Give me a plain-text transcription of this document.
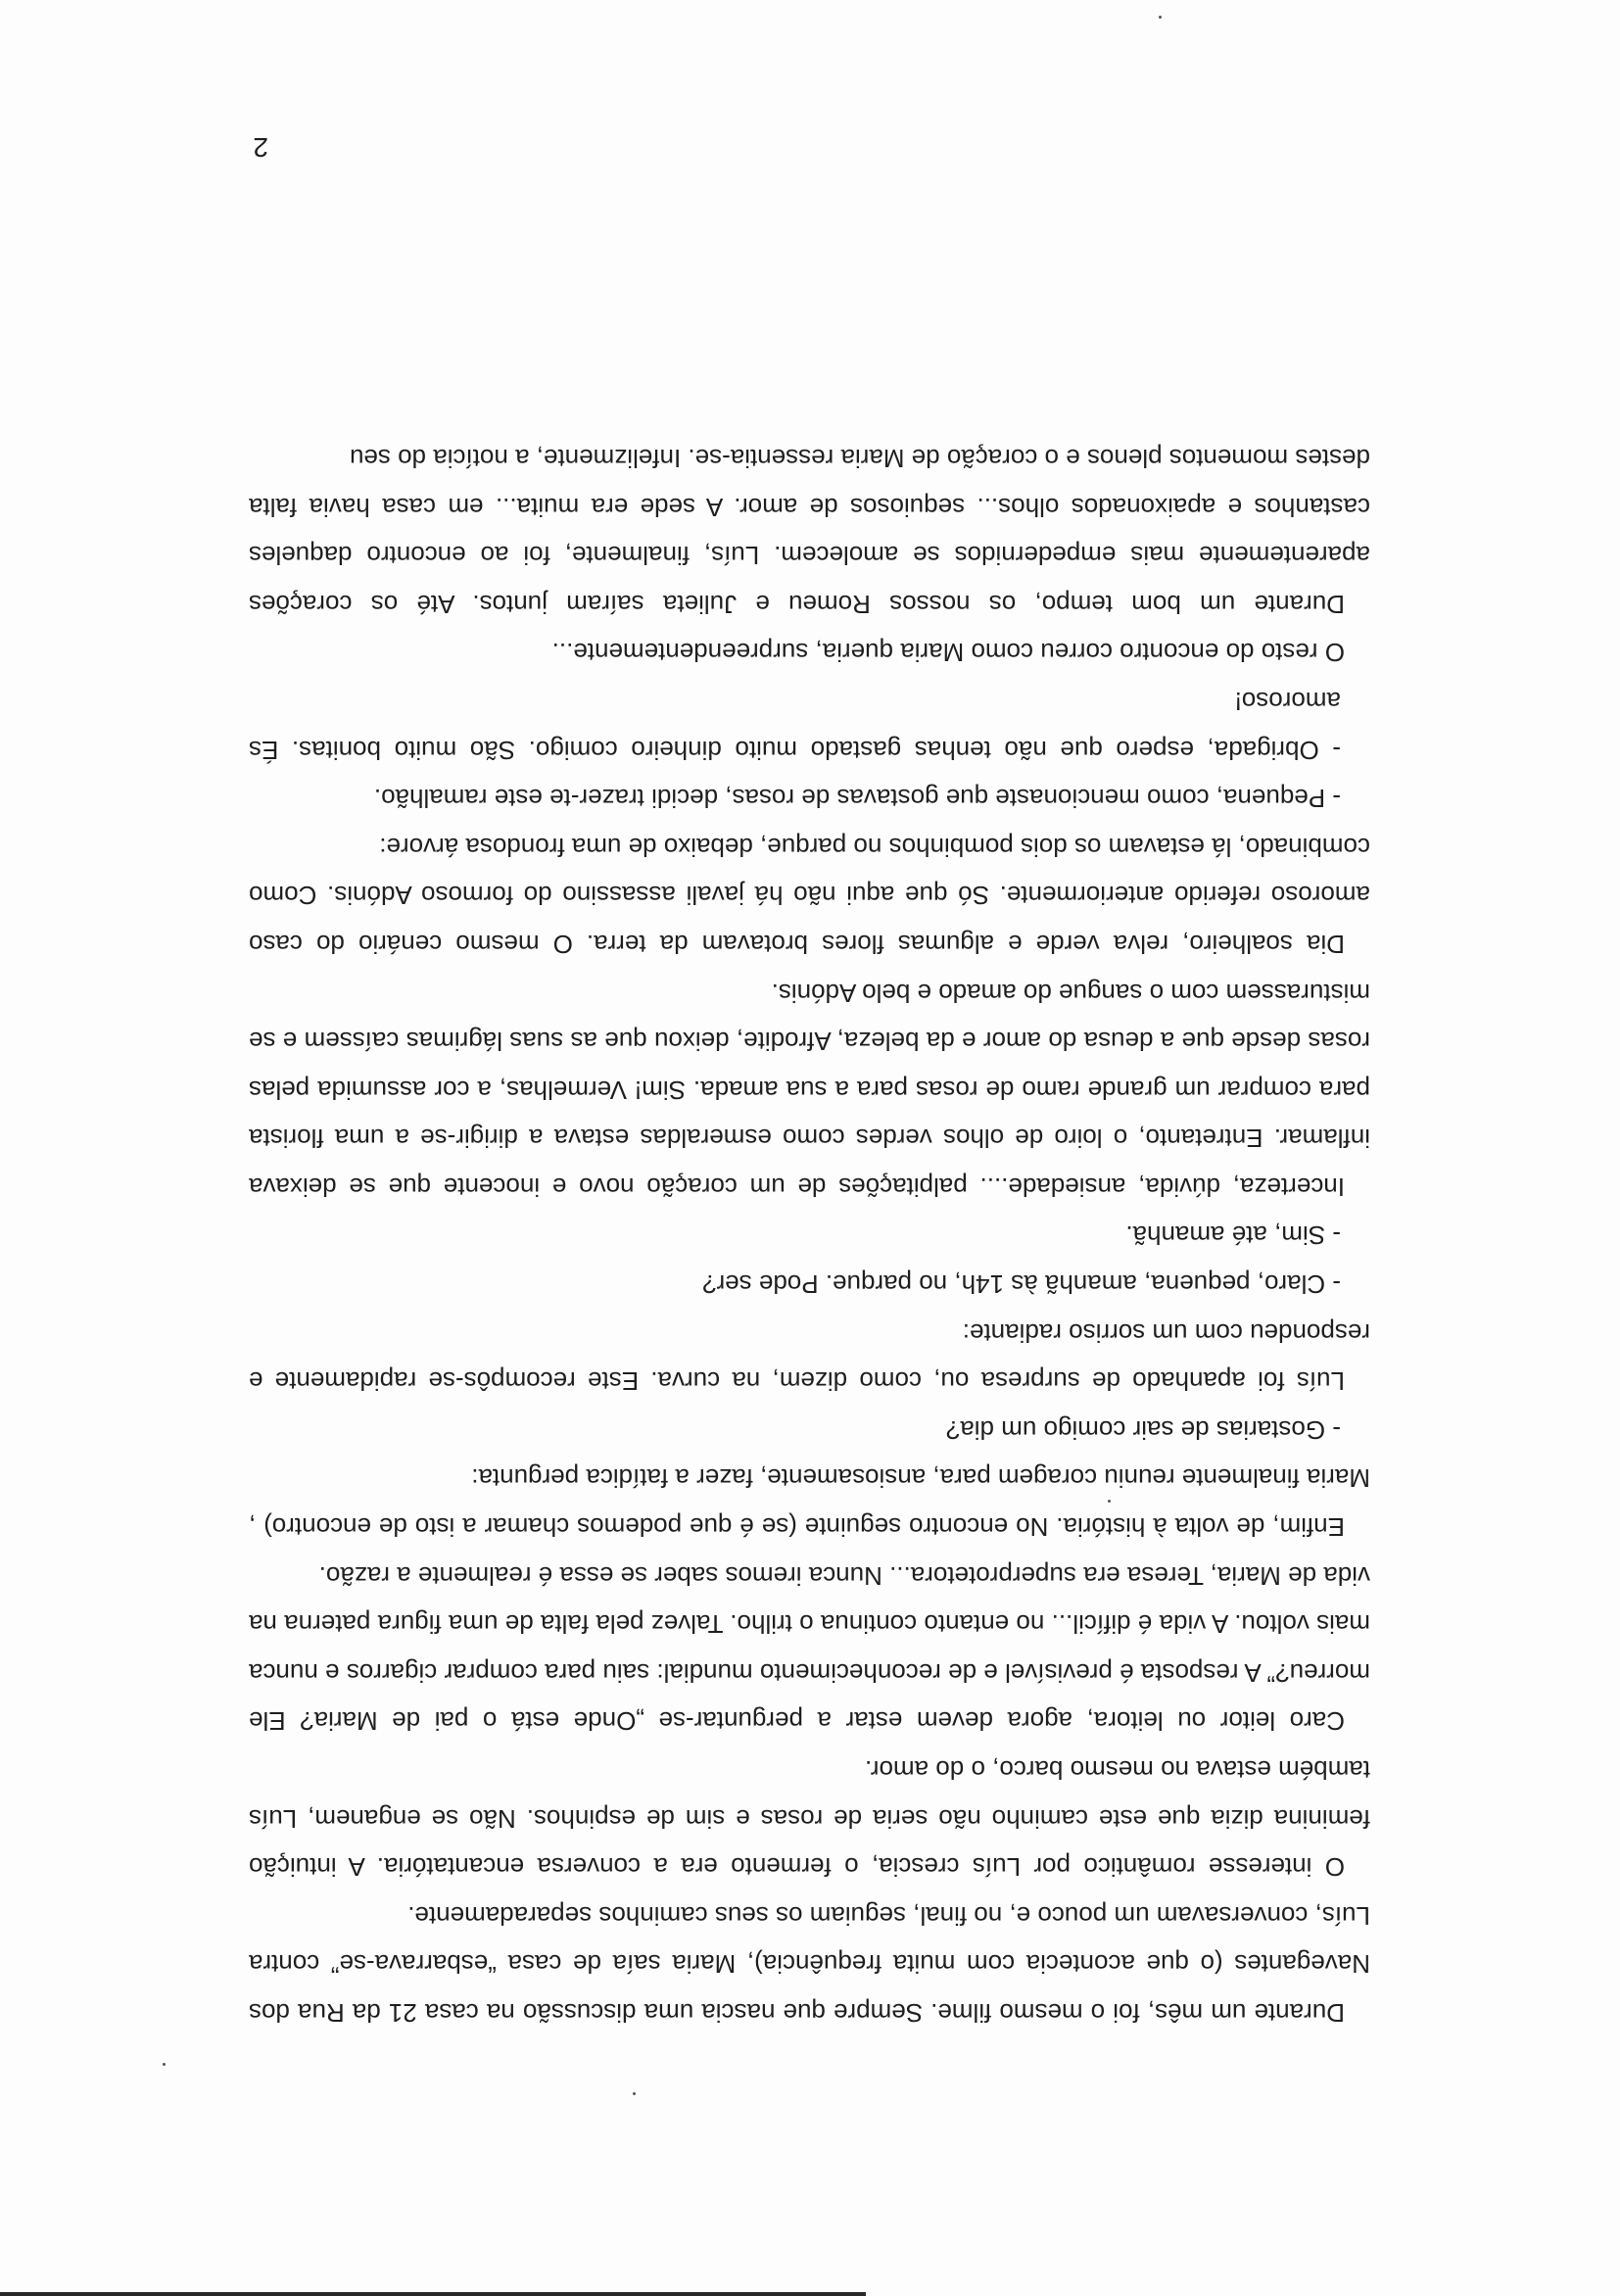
Durante um mês, foi o mesmo filme. Sempre que nascia uma discussão na casa 21 da Rua dos Navegantes (o que acontecia com muita frequência), Maria saía de casa “esbarrava-se” contra Luís, conversavam um pouco e, no final, seguiam os seus caminhos separadamente.

O interesse romântico por Luís crescia, o fermento era a conversa encantatória. A intuição feminina dizia que este caminho não seria de rosas e sim de espinhos. Não se enganem, Luís também estava no mesmo barco, o do amor.

Caro leitor ou leitora, agora devem estar a perguntar-se „Onde está o pai de Maria? Ele morreu?” A resposta é previsível e de reconhecimento mundial: saiu para comprar cigarros e nunca mais voltou. A vida é difícil... no entanto continua o trilho. Talvez pela falta de uma figura paterna na vida de Maria, Teresa era superprotetora... Nunca iremos saber se essa é realmente a razão.

Enfim, de volta à história. No encontro seguinte (se é que podemos chamar a isto de encontro) , Maria finalmente reuniu coragem para, ansiosamente, fazer a fatídica pergunta:

- Gostarias de sair comigo um dia?

Luís foi apanhado de surpresa ou, como dizem, na curva. Este recompôs-se rapidamente e respondeu com um sorriso radiante:

- Claro, pequena, amanhã às 14h, no parque. Pode ser?

- Sim, até amanhã.

Incerteza, dúvida, ansiedade.... palpitações de um coração novo e inocente que se deixava inflamar. Entretanto, o loiro de olhos verdes como esmeraldas estava a dirigir-se a uma florista para comprar um grande ramo de rosas para a sua amada. Sim! Vermelhas, a cor assumida pelas rosas desde que a deusa do amor e da beleza, Afrodite, deixou que as suas lágrimas caíssem e se misturassem com o sangue do amado e belo Adónis.

Dia soalheiro, relva verde e algumas flores brotavam da terra. O mesmo cenário do caso amoroso referido anteriormente. Só que aqui não há javali assassino do formoso Adónis. Como combinado, lá estavam os dois pombinhos no parque, debaixo de uma frondosa árvore:

- Pequena, como mencionaste que gostavas de rosas, decidi trazer-te este ramalhão.

- Obrigada, espero que não tenhas gastado muito dinheiro comigo. São muito bonitas. És amoroso!

O resto do encontro correu como Maria queria, surpreendentemente...

Durante um bom tempo, os nossos Romeu e Julieta saíram juntos. Até os corações aparentemente mais empedernidos se amolecem. Luís, finalmente, foi ao encontro daqueles castanhos e apaixonados olhos... sequiosos de amor. A sede era muita... em casa havia falta destes momentos plenos e o coração de Maria ressentia-se. Infelizmente, a notícia do seu

2
